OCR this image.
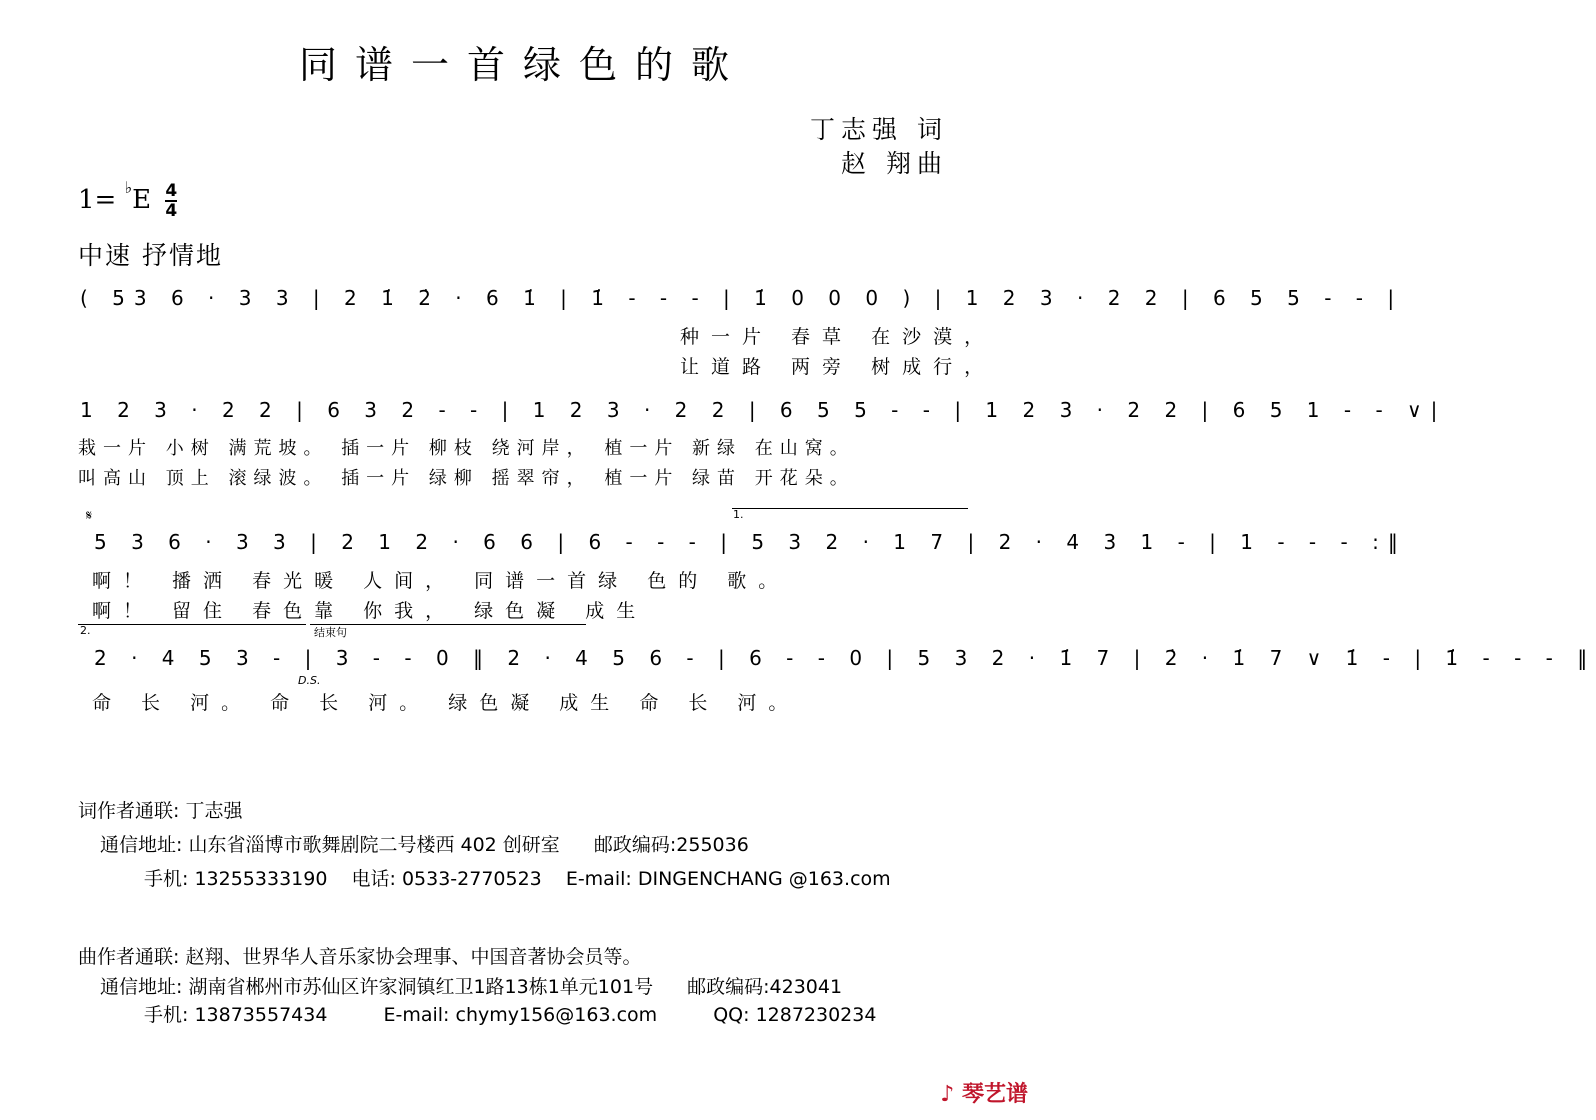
同谱一首绿色的歌
丁志强 词
赵 翔曲
$1= ^♭E \frac{4}{4}$
中速 抒情地
( 53 6 · 3 3 | 2 1̇ 2̇ · 6 1̇ | 1̇ - - - | 1̇ 0 0 0 ) | 1 2 3 · 2 2 | 6 5 5 - - |
种一片 春草 在沙漠，
让道路 两旁 树成行，
1 2 3 · 2 2 | 6 3 2 - - | 1 2 3 · 2 2 | 6 5 5 - - | 1 2 3 · 2 2 | 6 5 1 - - ∨|
栽一片 小树 满荒坡。 插一片 柳枝 绕河岸， 植一片 新绿 在山窝。
叫高山 顶上 滚绿波。 插一片 绿柳 摇翠帘， 植一片 绿苗 开花朵。
𝄋	1.
5 3 6 · 3 3 | 2 1 2 · 6 6 | 6 - - - | 5 3 2 · 1 7 | 2 · 4 3 1 - | 1 - - - :‖
啊！ 播洒 春光暖 人间， 同谱一首绿 色的 歌。
啊！ 留住 春色靠 你我， 绿色凝 成生
2.	结束句
2 · 4 5 3 - | 3 - - 0 ‖ 2 · 4 5 6 - | 6 - - 0 | 5 3 2 · 1̇ 7 | 2̇ · 1̇ 7 ∨ 1̇ - | 1̇ - - - ‖
D.S.
命 长 河。 命 长 河。 绿色凝 成生 命 长 河。
词作者通联: 丁志强
通信地址: 山东省淄博市歌舞剧院二号楼西 402 创研室 邮政编码:255036
手机: 13255333190 电话: 0533-2770523 E-mail: DINGENCHANG @163.com
曲作者通联: 赵翔、世界华人音乐家协会理事、中国音著协会员等。
通信地址: 湖南省郴州市苏仙区许家洞镇红卫1路13栋1单元101号 邮政编码:423041
手机: 13873557434	E-mail: chymy156@163.com	QQ: 1287230234
♪ 琴艺谱
